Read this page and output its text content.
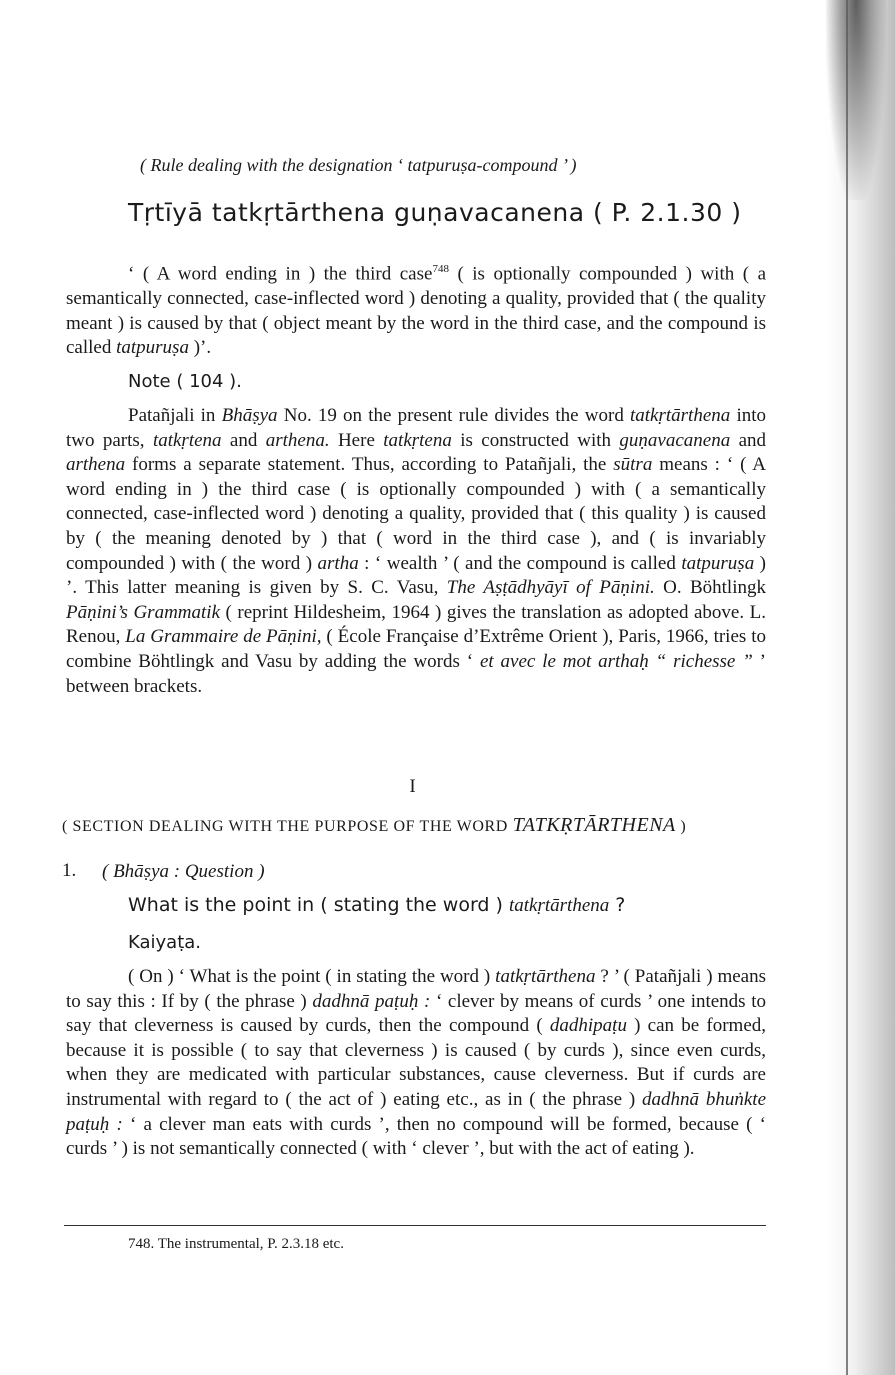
( Rule dealing with the designation ‘ tatpuruṣa-compound ’ )
Tṛtīyā tatkṛtārthena guṇavacanena ( P. 2.1.30 )

‘ ( A word ending in ) the third case$^{748}$ ( is optionally compounded ) with ( a semantically connected, case-inflected word ) denoting a quality, provided that ( the quality meant ) is caused by that ( object meant by the word in the third case, and the compound is called tatpuruṣa )’.

Note ( 104 ).

Patañjali in Bhāṣya No. 19 on the present rule divides the word tatkṛtārthena into two parts, tatkṛtena and arthena. Here tatkṛtena is constructed with guṇavacanena and arthena forms a separate statement. Thus, according to Patañjali, the sūtra means : ‘ ( A word ending in ) the third case ( is optionally compounded ) with ( a semantically connected, case-inflected word ) denoting a quality, provided that ( this quality ) is caused by ( the meaning denoted by ) that ( word in the third case ), and ( is invariably compounded ) with ( the word ) artha : ‘ wealth ’ ( and the compound is called tatpuruṣa ) ’. This latter meaning is given by S. C. Vasu, The Aṣṭādhyāyī of Pāṇini. O. Böhtlingk Pāṇini’s Grammatik ( reprint Hildesheim, 1964 ) gives the translation as adopted above. L. Renou, La Grammaire de Pāṇini, ( École Française d’Extrême Orient ), Paris, 1966, tries to combine Böhtlingk and Vasu by adding the words ‘ et avec le mot arthaḥ “ richesse ” ’ between brackets.

I
( SECTION DEALING WITH THE PURPOSE OF THE WORD TATKṚTĀRTHENA )
1. ( Bhāṣya : Question )
What is the point in ( stating the word ) tatkṛtārthena ?
Kaiyaṭa.

( On ) ‘ What is the point ( in stating the word ) tatkṛtārthena ? ’ ( Patañjali ) means to say this : If by ( the phrase ) dadhnā paṭuḥ : ‘ clever by means of curds ’ one intends to say that cleverness is caused by curds, then the compound ( dadhipaṭu ) can be formed, because it is possible ( to say that cleverness ) is caused ( by curds ), since even curds, when they are medicated with particular substances, cause cleverness. But if curds are instrumental with regard to ( the act of ) eating etc., as in ( the phrase ) dadhnā bhuṅkte paṭuḥ : ‘ a clever man eats with curds ’, then no compound will be formed, because ( ‘ curds ’ ) is not semantically connected ( with ‘ clever ’, but with the act of eating ).

748. The instrumental, P. 2.3.18 etc.
